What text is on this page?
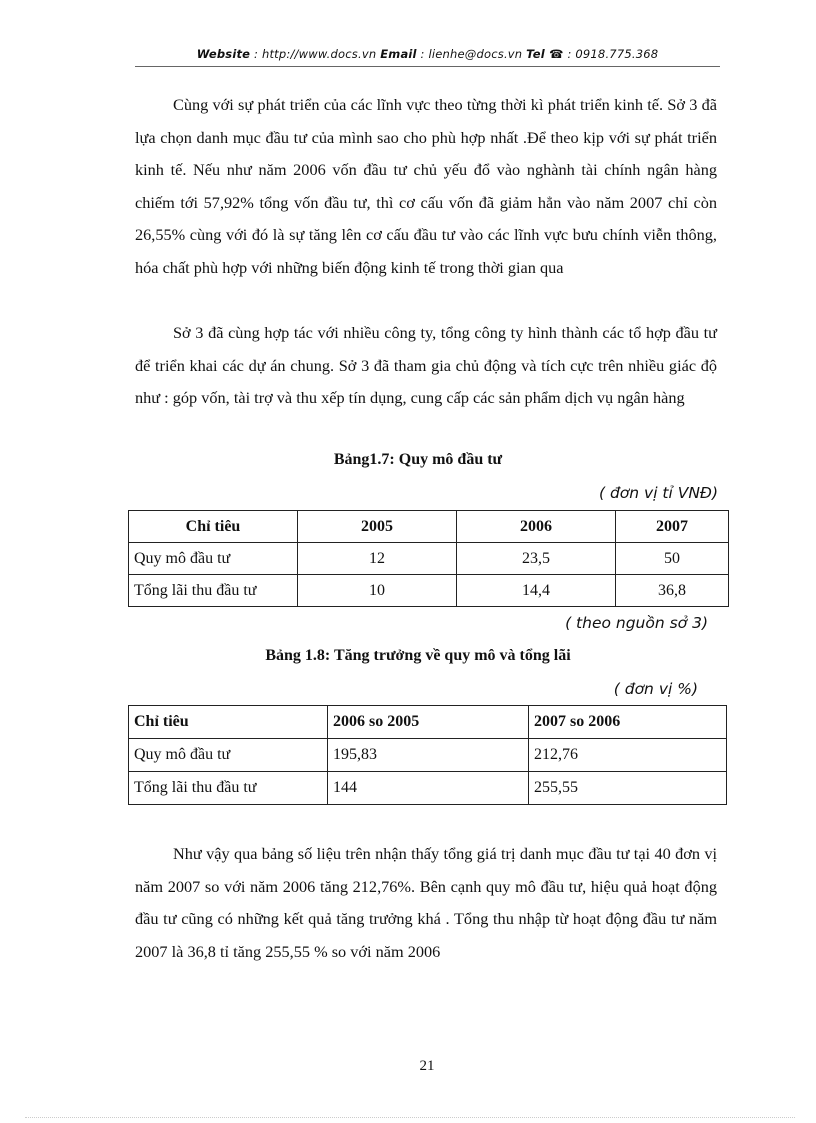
Website : http://www.docs.vn Email : lienhe@docs.vn Tel ☎ : 0918.775.368

Cùng với sự phát triển của các lĩnh vực theo từng thời kì phát triển kinh tế. Sở 3 đã lựa chọn danh mục đầu tư của mình sao cho phù hợp nhất .Để theo kịp với sự phát triển kinh tế. Nếu như năm 2006 vốn đầu tư chủ yếu đổ vào nghành tài chính ngân hàng chiếm tới 57,92% tổng vốn đầu tư, thì cơ cấu vốn đã giảm hẳn vào năm 2007 chỉ còn 26,55% cùng với đó là sự tăng lên cơ cấu đầu tư vào các lĩnh vực bưu chính viễn thông, hóa chất phù hợp với những biến động kinh tế trong thời gian qua

Sở 3 đã cùng hợp tác với nhiều công ty, tổng công ty hình thành các tổ hợp đầu tư để triển khai các dự án chung. Sở 3 đã tham gia chủ động và tích cực trên nhiều giác độ như : góp vốn, tài trợ và thu xếp tín dụng, cung cấp các sản phẩm dịch vụ ngân hàng

Bảng1.7: Quy mô đầu tư
( đơn vị tỉ VNĐ)
Chỉ tiêu	2005	2006	2007
Quy mô đầu tư	12	23,5	50
Tổng lãi thu đầu tư	10	14,4	36,8
( theo nguồn sở 3)
Bảng 1.8: Tăng trưởng về quy mô và tổng lãi
( đơn vị %)
Chỉ tiêu	2006 so 2005	2007 so 2006
Quy mô đầu tư	195,83	212,76
Tổng lãi thu đầu tư	144	255,55

Như vậy qua bảng số liệu trên nhận thấy tổng giá trị danh mục đầu tư tại 40 đơn vị năm 2007 so với năm 2006 tăng 212,76%. Bên cạnh quy mô đầu tư, hiệu quả hoạt động đầu tư cũng có những kết quả tăng trưởng khá . Tổng thu nhập từ hoạt động đầu tư năm 2007 là 36,8 tỉ tăng 255,55 % so với năm 2006

21
